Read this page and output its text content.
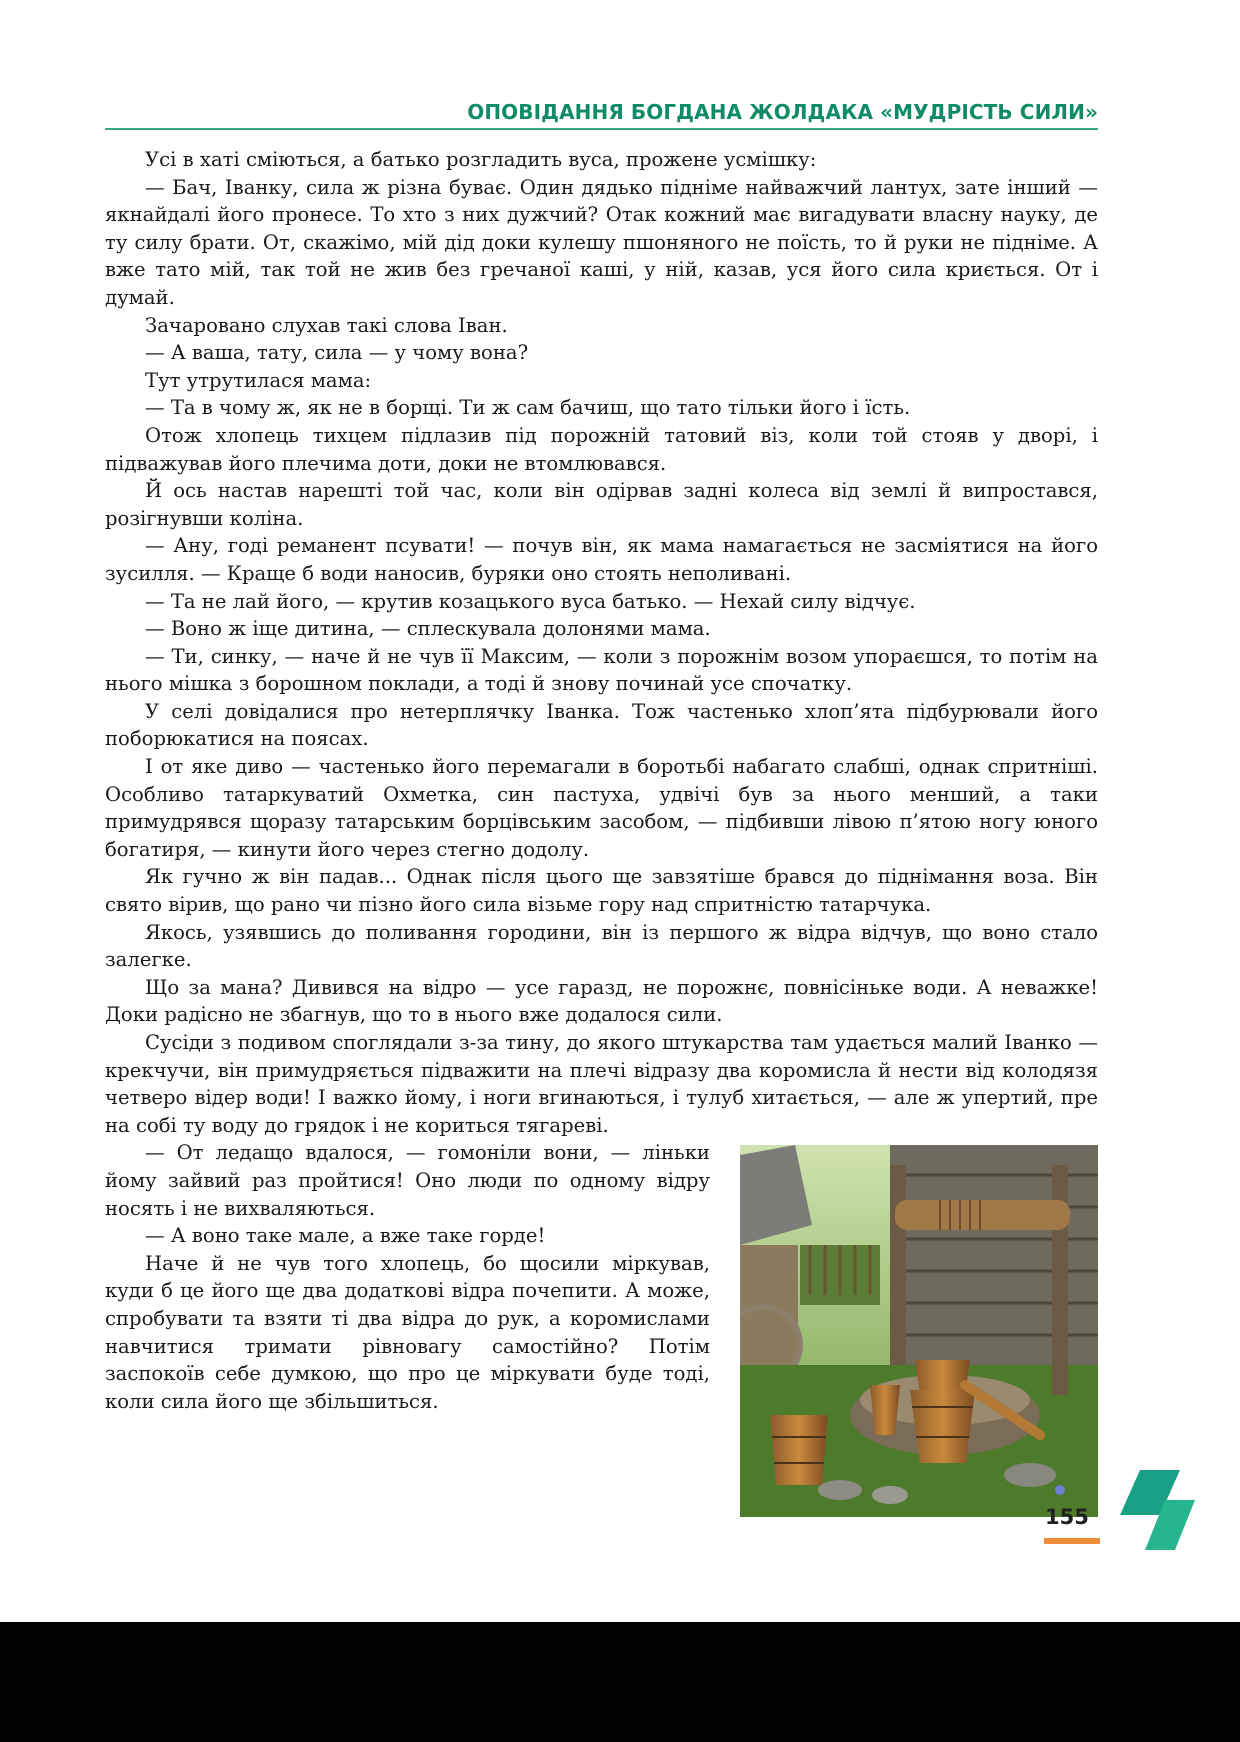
ОПОВІДАННЯ БОГДАНА ЖОЛДАКА «МУДРІСТЬ СИЛИ»

Усі в хаті сміються, а батько розгладить вуса, прожене усмішку:

— Бач, Іванку, сила ж різна буває. Один дядько підніме найважчий лантух, зате інший — якнайдалі його пронесе. То хто з них дужчий? Отак кожний має вигадувати власну науку, де ту силу брати. От, скажімо, мій дід доки кулешу пшоняного не поїсть, то й руки не підніме. А вже тато мій, так той не жив без гречаної каші, у ній, казав, уся його сила криється. От і думай.

Зачаровано слухав такі слова Іван.

— А ваша, тату, сила — у чому вона?

Тут утрутилася мама:

— Та в чому ж, як не в борщі. Ти ж сам бачиш, що тато тільки його і їсть.

Отож хлопець тихцем підлазив під порожній татовий віз, коли той стояв у дворі, і підважував його плечима доти, доки не втомлювався.

Й ось настав нарешті той час, коли він одірвав задні колеса від землі й випростався, розігнувши коліна.

— Ану, годі реманент псувати! — почув він, як мама намагається не засміятися на його зусилля. — Краще б води наносив, буряки оно стоять неполивані.

— Та не лай його, — крутив козацького вуса батько. — Нехай силу відчує.

— Воно ж іще дитина, — сплескувала долонями мама.

— Ти, синку, — наче й не чув її Максим, — коли з порожнім возом упораєшся, то потім на нього мішка з борошном поклади, а тоді й знову починай усе спочатку.

У селі довідалися про нетерплячку Іванка. Тож частенько хлоп’ята підбурювали його поборюкатися на поясах.

І от яке диво — частенько його перемагали в боротьбі набагато слабші, однак спритніші. Особливо татаркуватий Охметка, син пастуха, удвічі був за нього менший, а таки примудрявся щоразу татарським борцівським засобом, — підбивши лівою п’ятою ногу юного богатиря, — кинути його через стегно додолу.

Як гучно ж він падав... Однак після цього ще завзятіше брався до піднімання воза. Він свято вірив, що рано чи пізно його сила візьме гору над спритністю татарчука.

Якось, узявшись до поливання городини, він із першого ж відра відчув, що воно стало залегке.

Що за мана? Дивився на відро — усе гаразд, не порожнє, повнісіньке води. А неважке! Доки радісно не збагнув, що то в нього вже додалося сили.

Сусіди з подивом споглядали з-за тину, до якого штукарства там удається малий Іванко — крекчучи, він примудряється підважити на плечі відразу два коромисла й нести від колодязя четверо відер води! І важко йому, і ноги вгинаються, і тулуб хитається, — але ж упертий, пре на собі ту воду до грядок і не кориться тягареві.

— От ледащо вдалося, — гомоніли вони, — ліньки йому зайвий раз пройтися! Оно люди по одному відру носять і не вихваляються.

— А воно таке мале, а вже таке горде!

Наче й не чув того хлопець, бо щосили міркував, куди б це його ще два додаткові відра почепити. А може, спробувати та взяти ті два відра до рук, а коромислами навчитися тримати рівновагу самостійно? Потім заспокоїв себе думкою, що про це міркувати буде тоді, коли сила його ще збільшиться.

155
